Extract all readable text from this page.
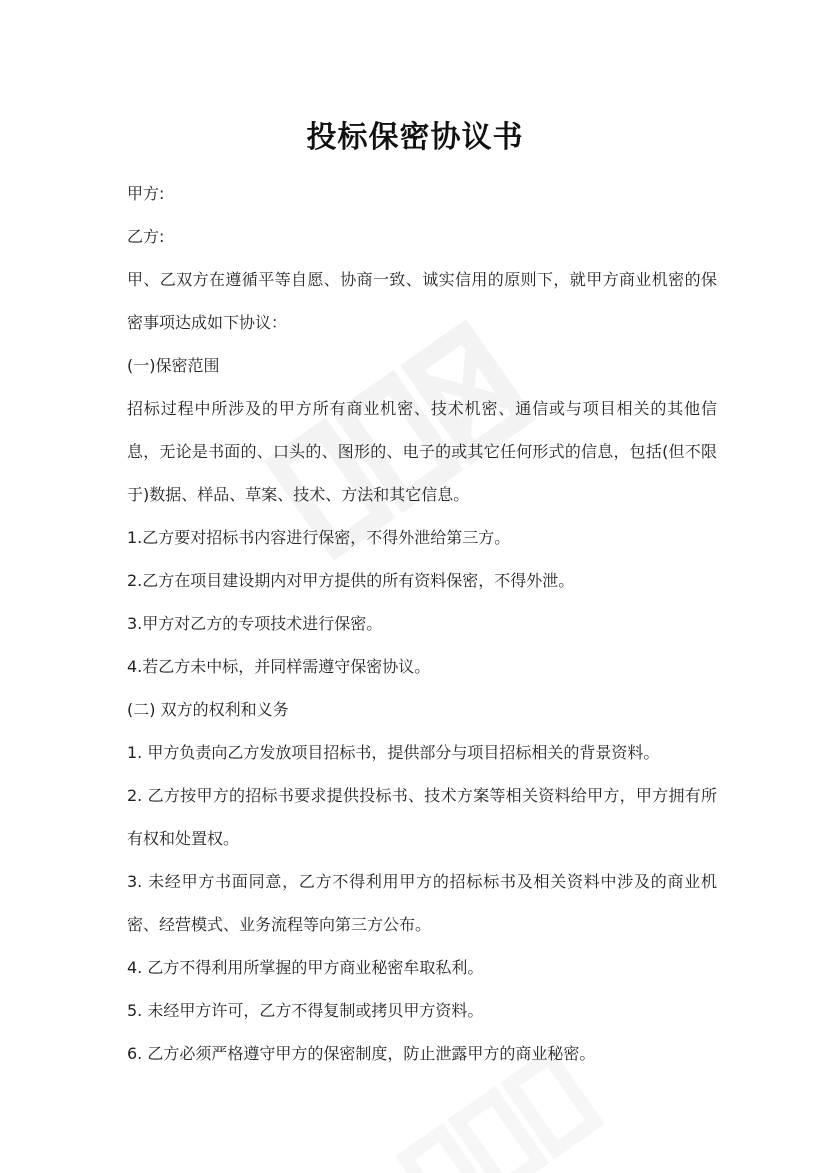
投标保密协议书

甲方:

乙方:

甲、乙双方在遵循平等自愿、协商一致、诚实信用的原则下，就甲方商业机密的保密事项达成如下协议：

(一)保密范围

招标过程中所涉及的甲方所有商业机密、技术机密、通信或与项目相关的其他信息，无论是书面的、口头的、图形的、电子的或其它任何形式的信息，包括(但不限于)数据、样品、草案、技术、方法和其它信息。

1.乙方要对招标书内容进行保密，不得外泄给第三方。

2.乙方在项目建设期内对甲方提供的所有资料保密，不得外泄。

3.甲方对乙方的专项技术进行保密。

4.若乙方未中标，并同样需遵守保密协议。

(二) 双方的权利和义务

1. 甲方负责向乙方发放项目招标书，提供部分与项目招标相关的背景资料。

2. 乙方按甲方的招标书要求提供投标书、技术方案等相关资料给甲方，甲方拥有所有权和处置权。

3. 未经甲方书面同意，乙方不得利用甲方的招标标书及相关资料中涉及的商业机密、经营模式、业务流程等向第三方公布。

4. 乙方不得利用所掌握的甲方商业秘密牟取私利。

5. 未经甲方许可，乙方不得复制或拷贝甲方资料。

6. 乙方必须严格遵守甲方的保密制度，防止泄露甲方的商业秘密。
